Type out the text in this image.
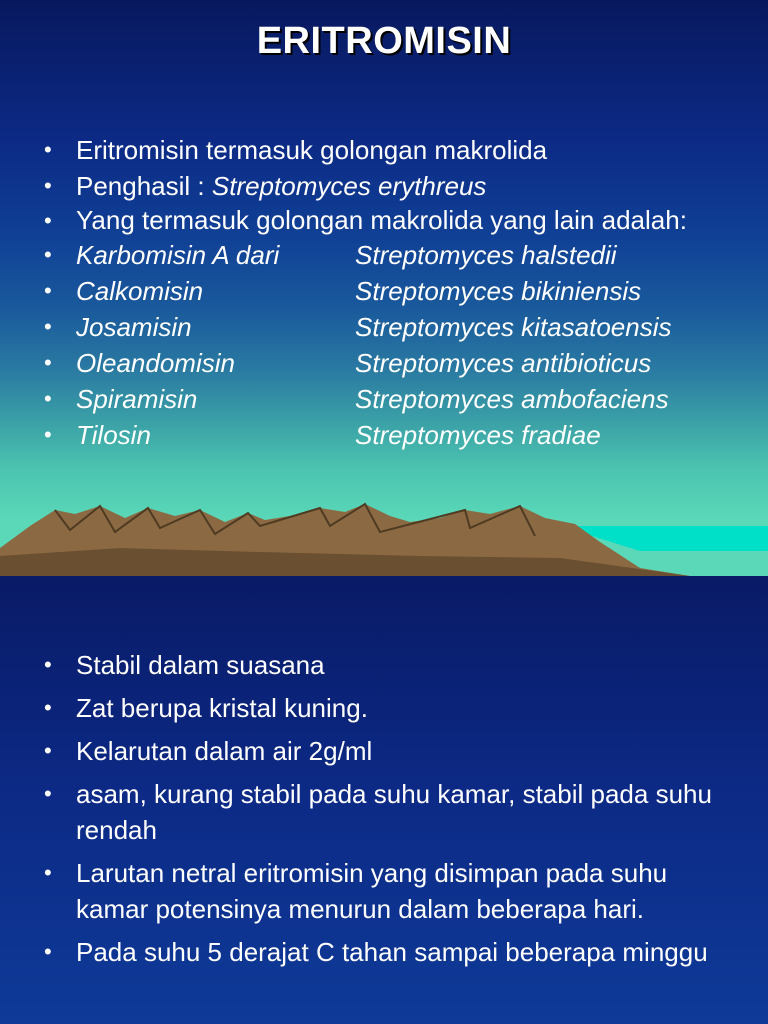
ERITROMISIN
• Eritromisin termasuk golongan makrolida
• Penghasil : Streptomyces erythreus
• Yang termasuk golongan makrolida yang lain adalah:
• Karbomisin A dari	Streptomyces halstedii
• Calkomisin	Streptomyces bikiniensis
• Josamisin	Streptomyces kitasatoensis
• Oleandomisin	Streptomyces antibioticus
• Spiramisin	Streptomyces ambofaciens
• Tilosin	Streptomyces fradiae
• Stabil dalam suasana
• Zat berupa kristal kuning.
• Kelarutan dalam air 2g/ml
• asam, kurang stabil pada suhu kamar, stabil pada suhu rendah
• Larutan netral eritromisin yang disimpan pada suhu kamar potensinya menurun dalam beberapa hari.
• Pada suhu 5 derajat C tahan sampai beberapa minggu
